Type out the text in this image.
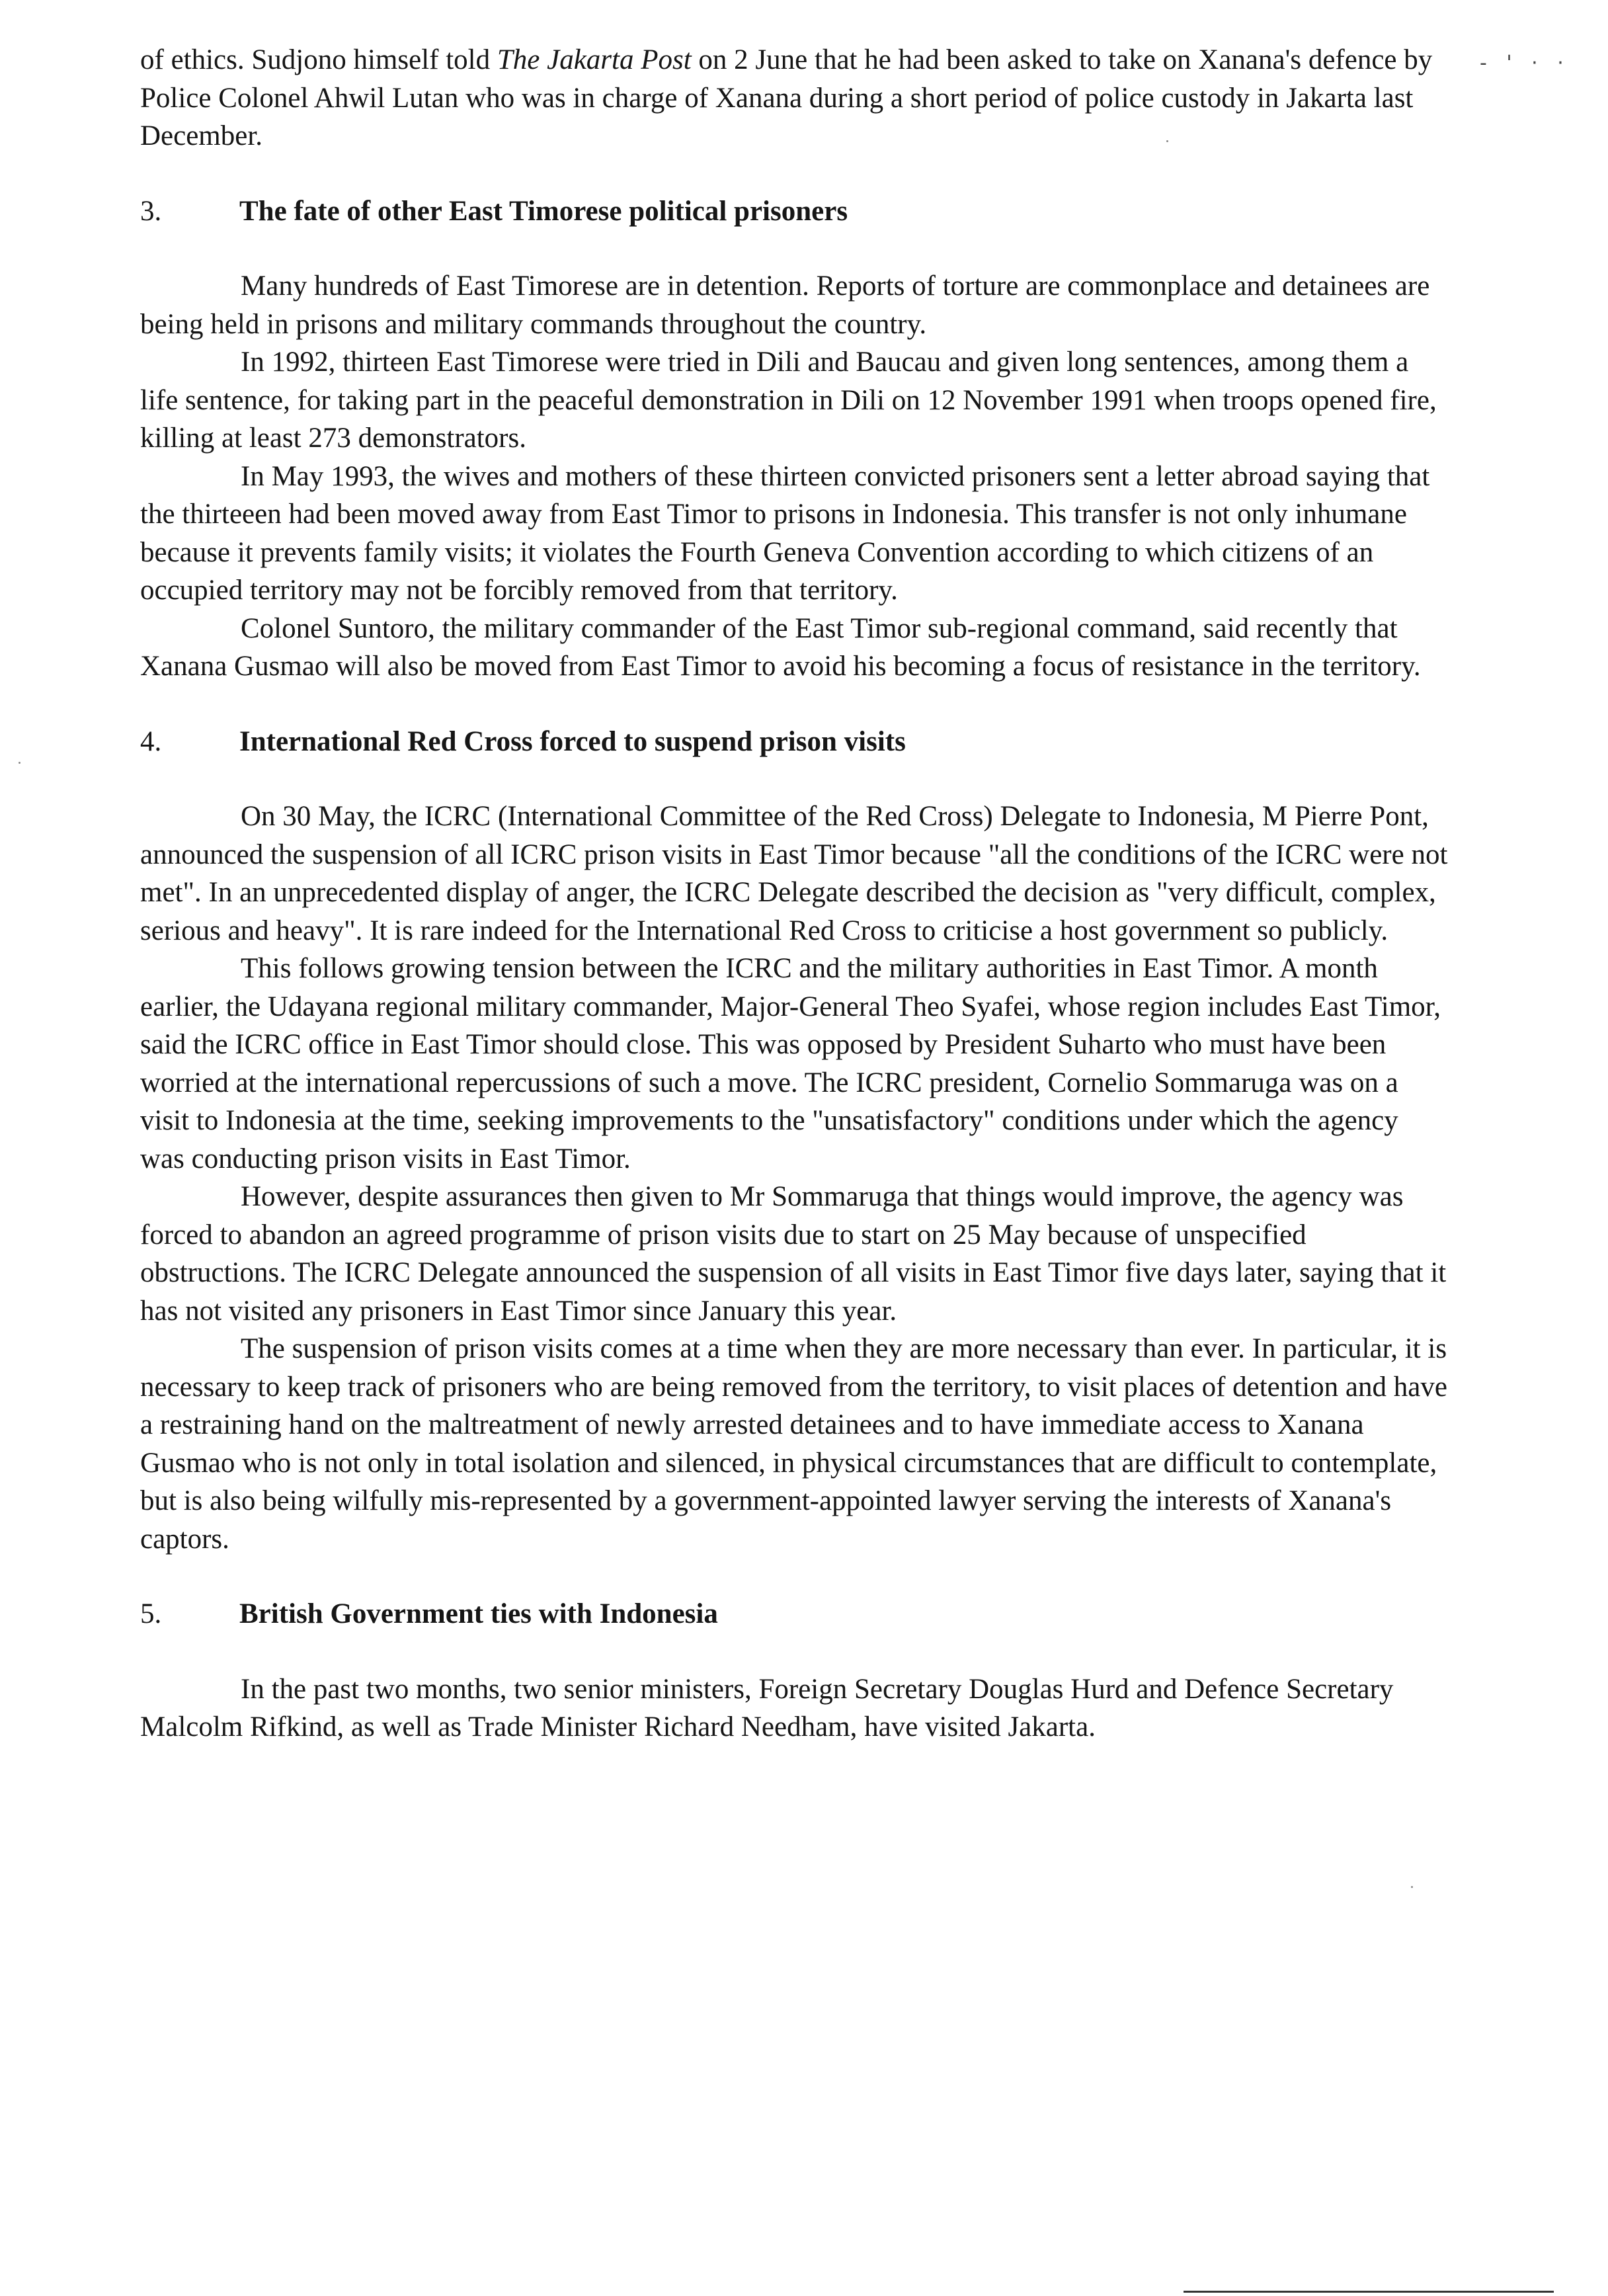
- ' · ·

of ethics. Sudjono himself told The Jakarta Post on 2 June that he had been asked to take on Xanana's defence by Police Colonel Ahwil Lutan who was in charge of Xanana during a short period of police custody in Jakarta last December.

3.	The fate of other East Timorese political prisoners

Many hundreds of East Timorese are in detention. Reports of torture are commonplace and detainees are being held in prisons and military commands throughout the country.

In 1992, thirteen East Timorese were tried in Dili and Baucau and given long sentences, among them a life sentence, for taking part in the peaceful demonstration in Dili on 12 November 1991 when troops opened fire, killing at least 273 demonstrators.

In May 1993, the wives and mothers of these thirteen convicted prisoners sent a letter abroad saying that the thirteeen had been moved away from East Timor to prisons in Indonesia. This transfer is not only inhumane because it prevents family visits; it violates the Fourth Geneva Convention according to which citizens of an occupied territory may not be forcibly removed from that territory.

Colonel Suntoro, the military commander of the East Timor sub-regional command, said recently that Xanana Gusmao will also be moved from East Timor to avoid his becoming a focus of resistance in the territory.

4.	International Red Cross forced to suspend prison visits

On 30 May, the ICRC (International Committee of the Red Cross) Delegate to Indonesia, M Pierre Pont, announced the suspension of all ICRC prison visits in East Timor because "all the conditions of the ICRC were not met". In an unprecedented display of anger, the ICRC Delegate described the decision as "very difficult, complex, serious and heavy". It is rare indeed for the International Red Cross to criticise a host government so publicly.

This follows growing tension between the ICRC and the military authorities in East Timor. A month earlier, the Udayana regional military commander, Major-General Theo Syafei, whose region includes East Timor, said the ICRC office in East Timor should close. This was opposed by President Suharto who must have been worried at the international repercussions of such a move. The ICRC president, Cornelio Sommaruga was on a visit to Indonesia at the time, seeking improvements to the "unsatisfactory" conditions under which the agency was conducting prison visits in East Timor.

However, despite assurances then given to Mr Sommaruga that things would improve, the agency was forced to abandon an agreed programme of prison visits due to start on 25 May because of unspecified obstructions. The ICRC Delegate announced the suspension of all visits in East Timor five days later, saying that it has not visited any prisoners in East Timor since January this year.

The suspension of prison visits comes at a time when they are more necessary than ever. In particular, it is necessary to keep track of prisoners who are being removed from the territory, to visit places of detention and have a restraining hand on the maltreatment of newly arrested detainees and to have immediate access to Xanana Gusmao who is not only in total isolation and silenced, in physical circumstances that are difficult to contemplate, but is also being wilfully mis-represented by a government-appointed lawyer serving the interests of Xanana's captors.

5.	British Government ties with Indonesia

In the past two months, two senior ministers, Foreign Secretary Douglas Hurd and Defence Secretary Malcolm Rifkind, as well as Trade Minister Richard Needham, have visited Jakarta.
